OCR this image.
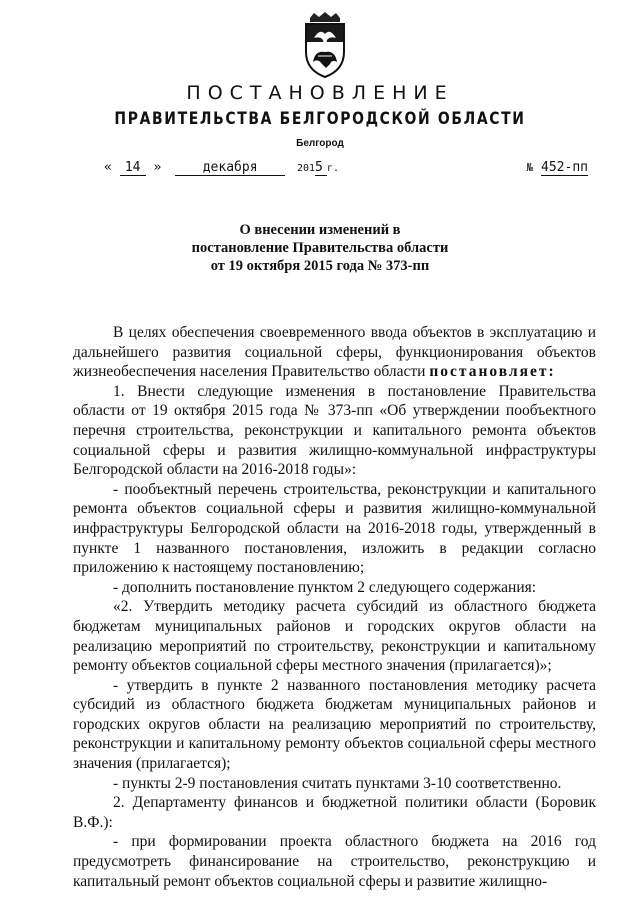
ПОСТАНОВЛЕНИЕ
ПРАВИТЕЛЬСТВА БЕЛГОРОДСКОЙ ОБЛАСТИ
Белгород
« 14 »	декабря	2015 г.	№ 452-пп
О внесении изменений в
постановление Правительства области
от 19 октября 2015 года № 373-пп

В целях обеспечения своевременного ввода объектов в эксплуатацию и дальнейшего развития социальной сферы, функционирования объектов жизнеобеспечения населения Правительство области постановляет:

1. Внести следующие изменения в постановление Правительства области от 19 октября 2015 года № 373-пп «Об утверждении пообъектного перечня строительства, реконструкции и капитального ремонта объектов социальной сферы и развития жилищно-коммунальной инфраструктуры Белгородской области на 2016-2018 годы»:

- пообъектный перечень строительства, реконструкции и капитального ремонта объектов социальной сферы и развития жилищно-коммунальной инфраструктуры Белгородской области на 2016-2018 годы, утвержденный в пункте 1 названного постановления, изложить в редакции согласно приложению к настоящему постановлению;

- дополнить постановление пунктом 2 следующего содержания:

«2. Утвердить методику расчета субсидий из областного бюджета бюджетам муниципальных районов и городских округов области на реализацию мероприятий по строительству, реконструкции и капитальному ремонту объектов социальной сферы местного значения (прилагается)»;

- утвердить в пункте 2 названного постановления методику расчета субсидий из областного бюджета бюджетам муниципальных районов и городских округов области на реализацию мероприятий по строительству, реконструкции и капитальному ремонту объектов социальной сферы местного значения (прилагается);

- пункты 2-9 постановления считать пунктами 3-10 соответственно.

2. Департаменту финансов и бюджетной политики области (Боровик В.Ф.):

- при формировании проекта областного бюджета на 2016 год предусмотреть финансирование на строительство, реконструкцию и капитальный ремонт объектов социальной сферы и развитие жилищно-
